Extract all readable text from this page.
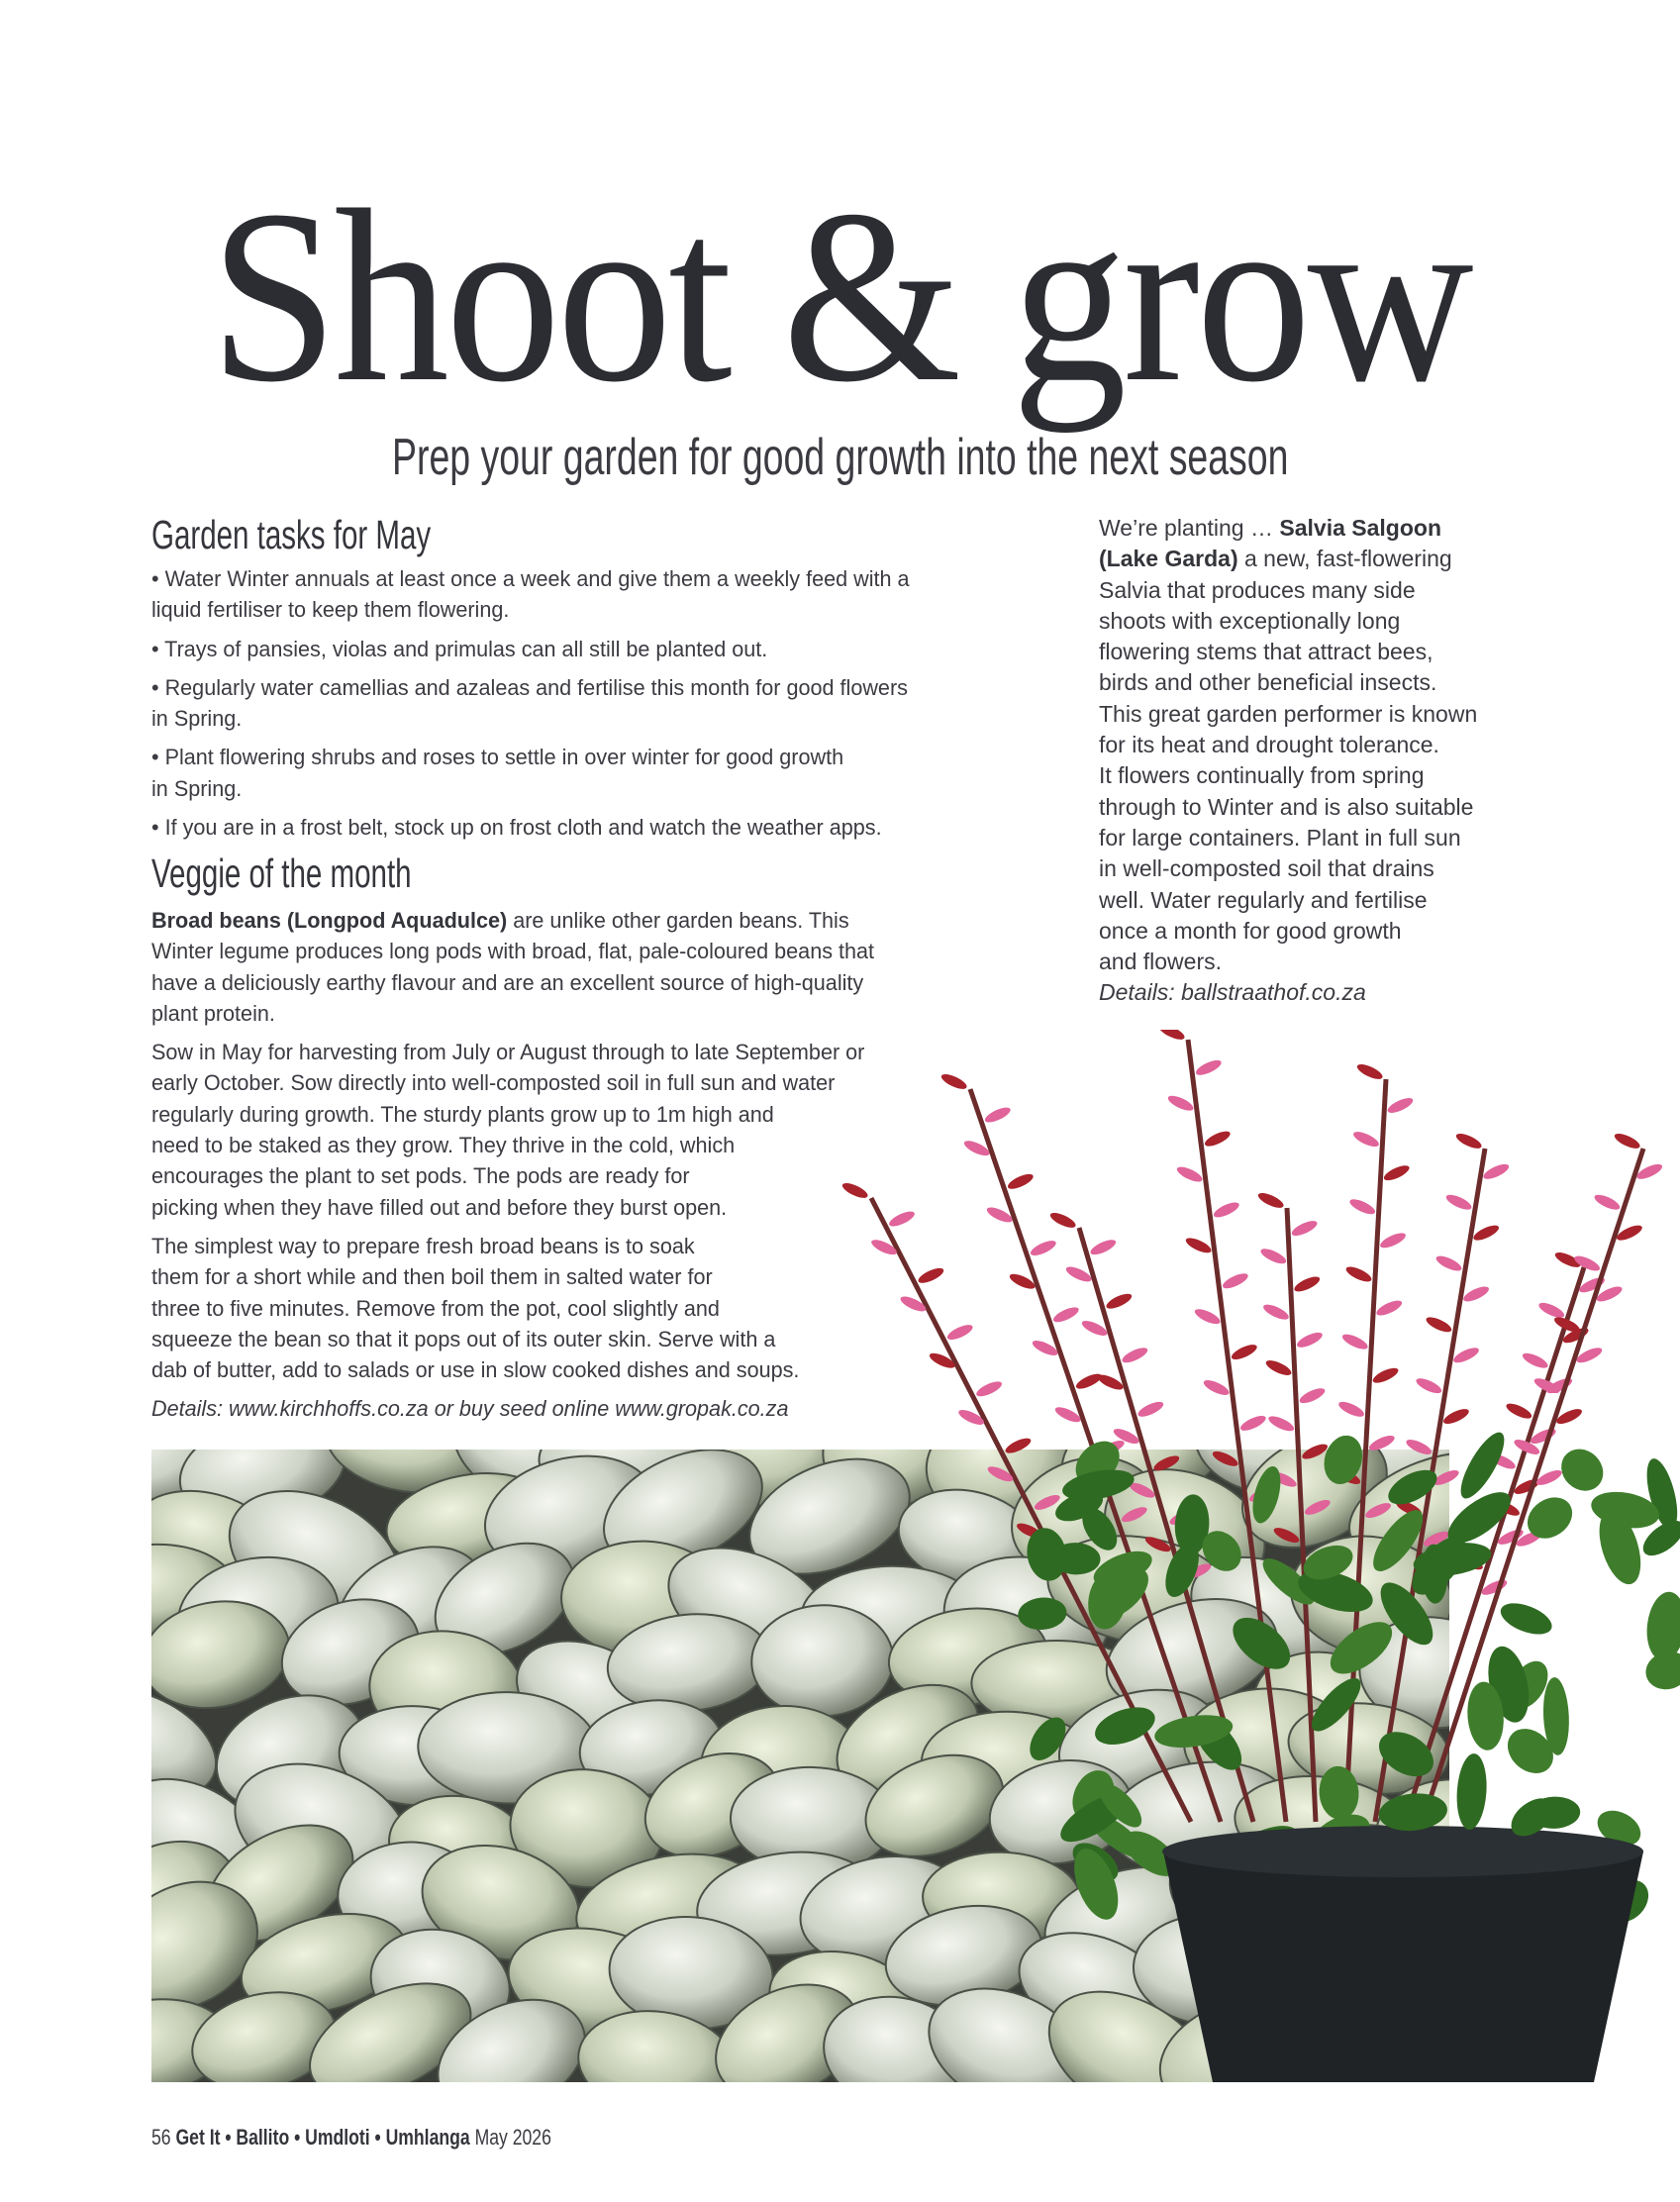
Shoot & grow
Prep your garden for good growth into the next season
Garden tasks for May
• Water Winter annuals at least once a week and give them a weekly feed with a
liquid fertiliser to keep them flowering.
• Trays of pansies, violas and primulas can all still be planted out.
• Regularly water camellias and azaleas and fertilise this month for good flowers
in Spring.
• Plant flowering shrubs and roses to settle in over winter for good growth
in Spring.
• If you are in a frost belt, stock up on frost cloth and watch the weather apps.
Veggie of the month
Broad beans (Longpod Aquadulce) are unlike other garden beans. This
Winter legume produces long pods with broad, flat, pale-coloured beans that
have a deliciously earthy flavour and are an excellent source of high-quality
plant protein.
Sow in May for harvesting from July or August through to late September or
early October. Sow directly into well-composted soil in full sun and water
regularly during growth. The sturdy plants grow up to 1m high and
need to be staked as they grow. They thrive in the cold, which
encourages the plant to set pods. The pods are ready for
picking when they have filled out and before they burst open.
The simplest way to prepare fresh broad beans is to soak
them for a short while and then boil them in salted water for
three to five minutes. Remove from the pot, cool slightly and
squeeze the bean so that it pops out of its outer skin. Serve with a
dab of butter, add to salads or use in slow cooked dishes and soups.
Details: www.kirchhoffs.co.za or buy seed online www.gropak.co.za
We’re planting … Salvia Salgoon
(Lake Garda) a new, fast-flowering
Salvia that produces many side
shoots with exceptionally long
flowering stems that attract bees,
birds and other beneficial insects.
This great garden performer is known
for its heat and drought tolerance.
It flowers continually from spring
through to Winter and is also suitable
for large containers. Plant in full sun
in well-composted soil that drains
well. Water regularly and fertilise
once a month for good growth
and flowers.
Details: ballstraathof.co.za
56 Get It • Ballito • Umdloti • Umhlanga May 2026
